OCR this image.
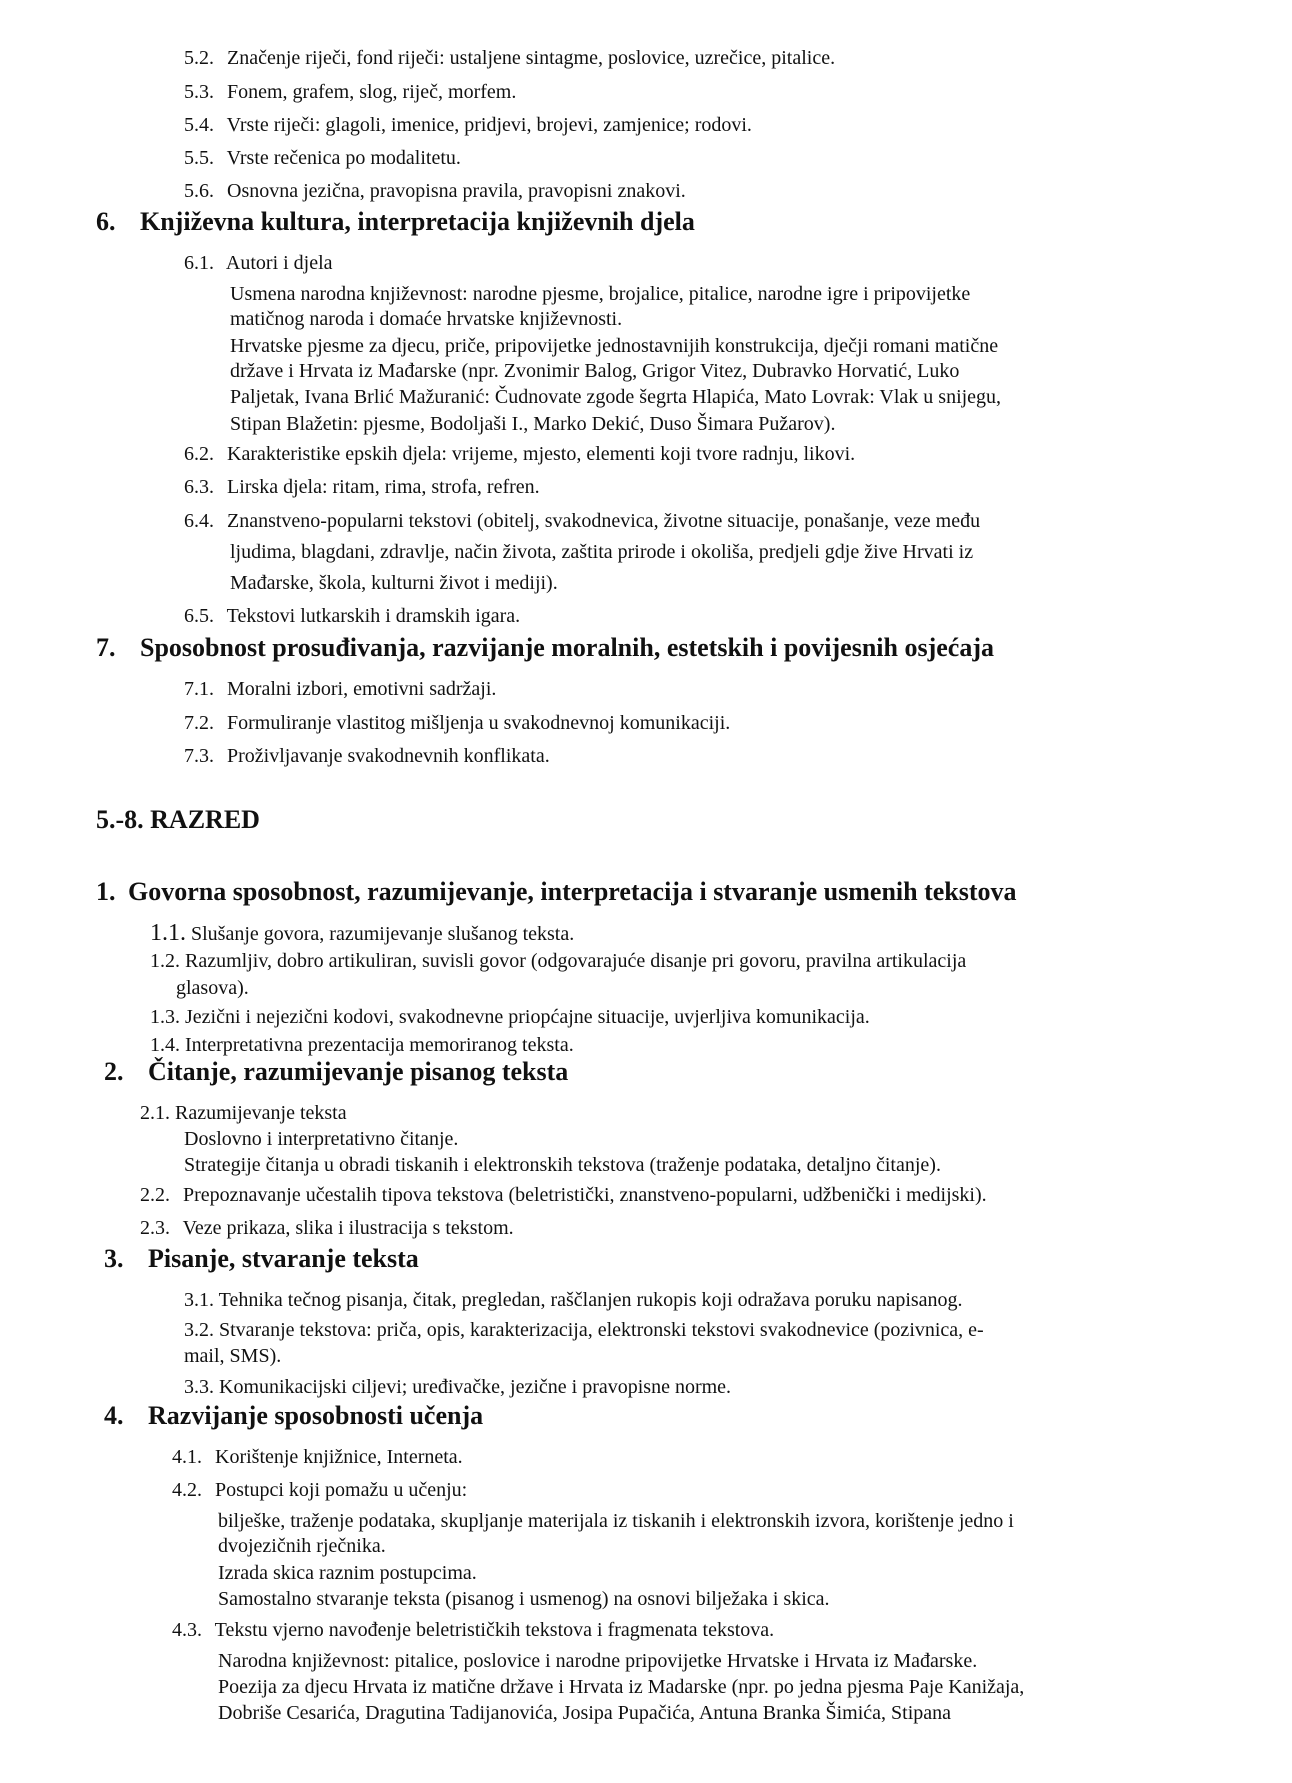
5.2. Značenje riječi, fond riječi: ustaljene sintagme, poslovice, uzrečice, pitalice.
5.3. Fonem, grafem, slog, riječ, morfem.
5.4. Vrste riječi: glagoli, imenice, pridjevi, brojevi, zamjenice; rodovi.
5.5. Vrste rečenica po modalitetu.
5.6. Osnovna jezična, pravopisna pravila, pravopisni znakovi.
6. Književna kultura, interpretacija književnih djela
6.1. Autori i djela
Usmena narodna književnost: narodne pjesme, brojalice, pitalice, narodne igre i pripovijetke
matičnog naroda i domaće hrvatske književnosti.
Hrvatske pjesme za djecu, priče, pripovijetke jednostavnijih konstrukcija, dječji romani matične
države i Hrvata iz Mađarske (npr. Zvonimir Balog, Grigor Vitez, Dubravko Horvatić, Luko
Paljetak, Ivana Brlić Mažuranić: Čudnovate zgode šegrta Hlapića, Mato Lovrak: Vlak u snijegu,
Stipan Blažetin: pjesme, Bodoljaši I., Marko Dekić, Duso Šimara Pužarov).
6.2. Karakteristike epskih djela: vrijeme, mjesto, elementi koji tvore radnju, likovi.
6.3. Lirska djela: ritam, rima, strofa, refren.
6.4. Znanstveno-popularni tekstovi (obitelj, svakodnevica, životne situacije, ponašanje, veze među
ljudima, blagdani, zdravlje, način života, zaštita prirode i okoliša, predjeli gdje žive Hrvati iz
Mađarske, škola, kulturni život i mediji).
6.5. Tekstovi lutkarskih i dramskih igara.
7. Sposobnost prosuđivanja, razvijanje moralnih, estetskih i povijesnih osjećaja
7.1. Moralni izbori, emotivni sadržaji.
7.2. Formuliranje vlastitog mišljenja u svakodnevnoj komunikaciji.
7.3. Proživljavanje svakodnevnih konflikata.
5.-8. RAZRED
1. Govorna sposobnost, razumijevanje, interpretacija i stvaranje usmenih tekstova
1.1. Slušanje govora, razumijevanje slušanog teksta.
1.2. Razumljiv, dobro artikuliran, suvisli govor (odgovarajuće disanje pri govoru, pravilna artikulacija
glasova).
1.3. Jezični i nejezični kodovi, svakodnevne priopćajne situacije, uvjerljiva komunikacija.
1.4. Interpretativna prezentacija memoriranog teksta.
2. Čitanje, razumijevanje pisanog teksta
2.1. Razumijevanje teksta
Doslovno i interpretativno čitanje.
Strategije čitanja u obradi tiskanih i elektronskih tekstova (traženje podataka, detaljno čitanje).
2.2. Prepoznavanje učestalih tipova tekstova (beletristički, znanstveno-popularni, udžbenički i medijski).
2.3. Veze prikaza, slika i ilustracija s tekstom.
3. Pisanje, stvaranje teksta
3.1. Tehnika tečnog pisanja, čitak, pregledan, raščlanjen rukopis koji odražava poruku napisanog.
3.2. Stvaranje tekstova: priča, opis, karakterizacija, elektronski tekstovi svakodnevice (pozivnica, e-
mail, SMS).
3.3. Komunikacijski ciljevi; uređivačke, jezične i pravopisne norme.
4. Razvijanje sposobnosti učenja
4.1. Korištenje knjižnice, Interneta.
4.2. Postupci koji pomažu u učenju:
bilješke, traženje podataka, skupljanje materijala iz tiskanih i elektronskih izvora, korištenje jedno i
dvojezičnih rječnika.
Izrada skica raznim postupcima.
Samostalno stvaranje teksta (pisanog i usmenog) na osnovi bilježaka i skica.
4.3. Tekstu vjerno navođenje beletrističkih tekstova i fragmenata tekstova.
Narodna književnost: pitalice, poslovice i narodne pripovijetke Hrvatske i Hrvata iz Mađarske.
Poezija za djecu Hrvata iz matične države i Hrvata iz Madarske (npr. po jedna pjesma Paje Kanižaja,
Dobriše Cesarića, Dragutina Tadijanovića, Josipa Pupačića, Antuna Branka Šimića, Stipana
